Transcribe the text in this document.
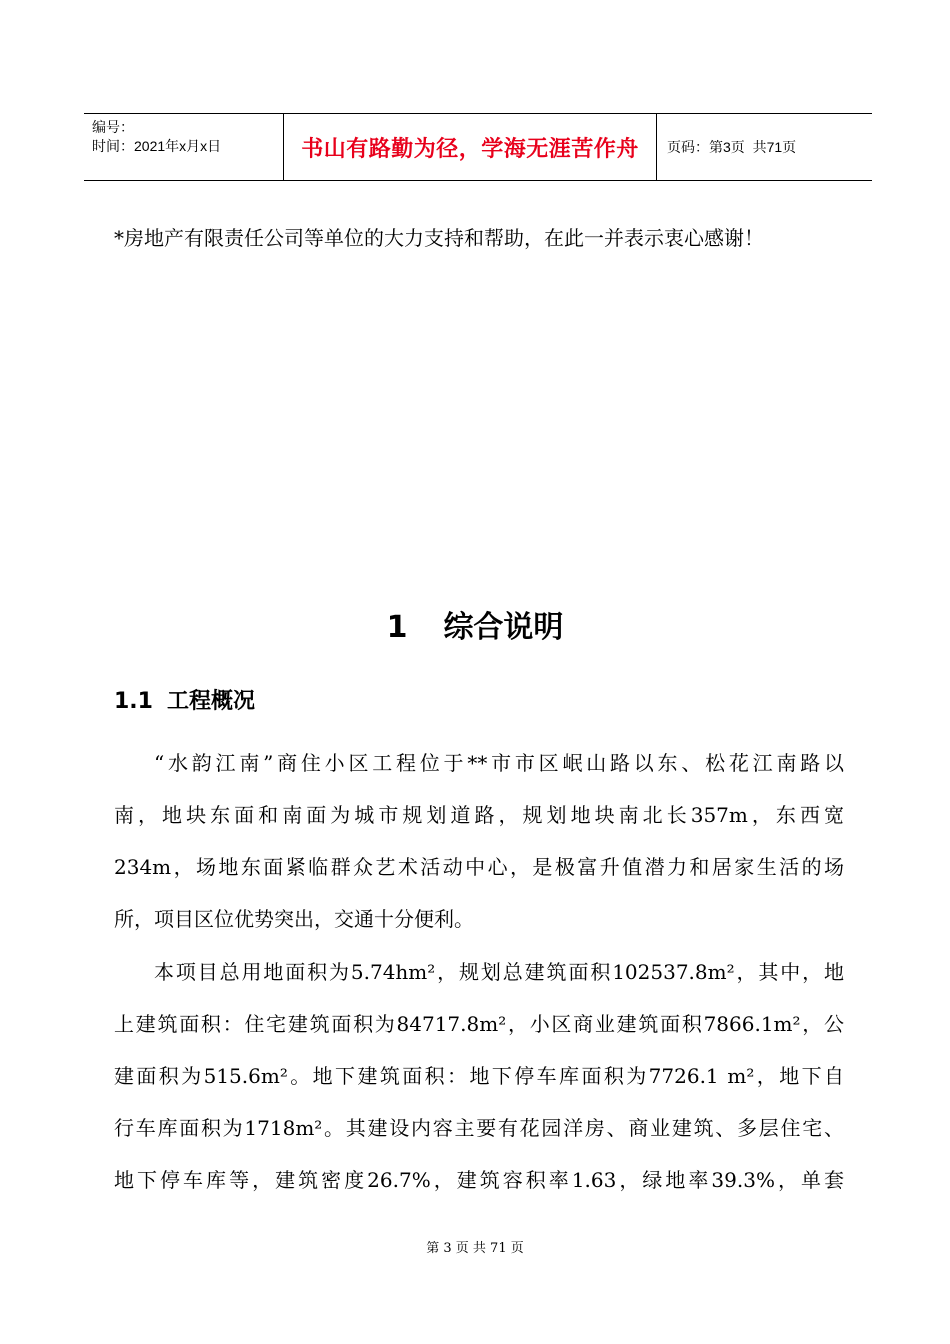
编号：
时间：2021年x月x日	书山有路勤为径，学海无涯苦作舟 页码：第3页  共71页
*房地产有限责任公司等单位的大力支持和帮助，在此一并表示衷心感谢！
1 综合说明
1.1 工程概况
“水韵江南”商住小区工程位于**市市区岷山路以东、松花江南路以
南，地块东面和南面为城市规划道路，规划地块南北长357m，东西宽
234m，场地东面紧临群众艺术活动中心，是极富升值潜力和居家生活的场
所，项目区位优势突出，交通十分便利。
本项目总用地面积为5.74hm²，规划总建筑面积102537.8m²，其中，地
上建筑面积：住宅建筑面积为84717.8m²，小区商业建筑面积7866.1m²，公
建面积为515.6m²。地下建筑面积：地下停车库面积为7726.1 m²，地下自
行车库面积为1718m²。其建设内容主要有花园洋房、商业建筑、多层住宅、
地下停车库等，建筑密度26.7%，建筑容积率1.63，绿地率39.3%，单套
第 3 页 共 71 页
